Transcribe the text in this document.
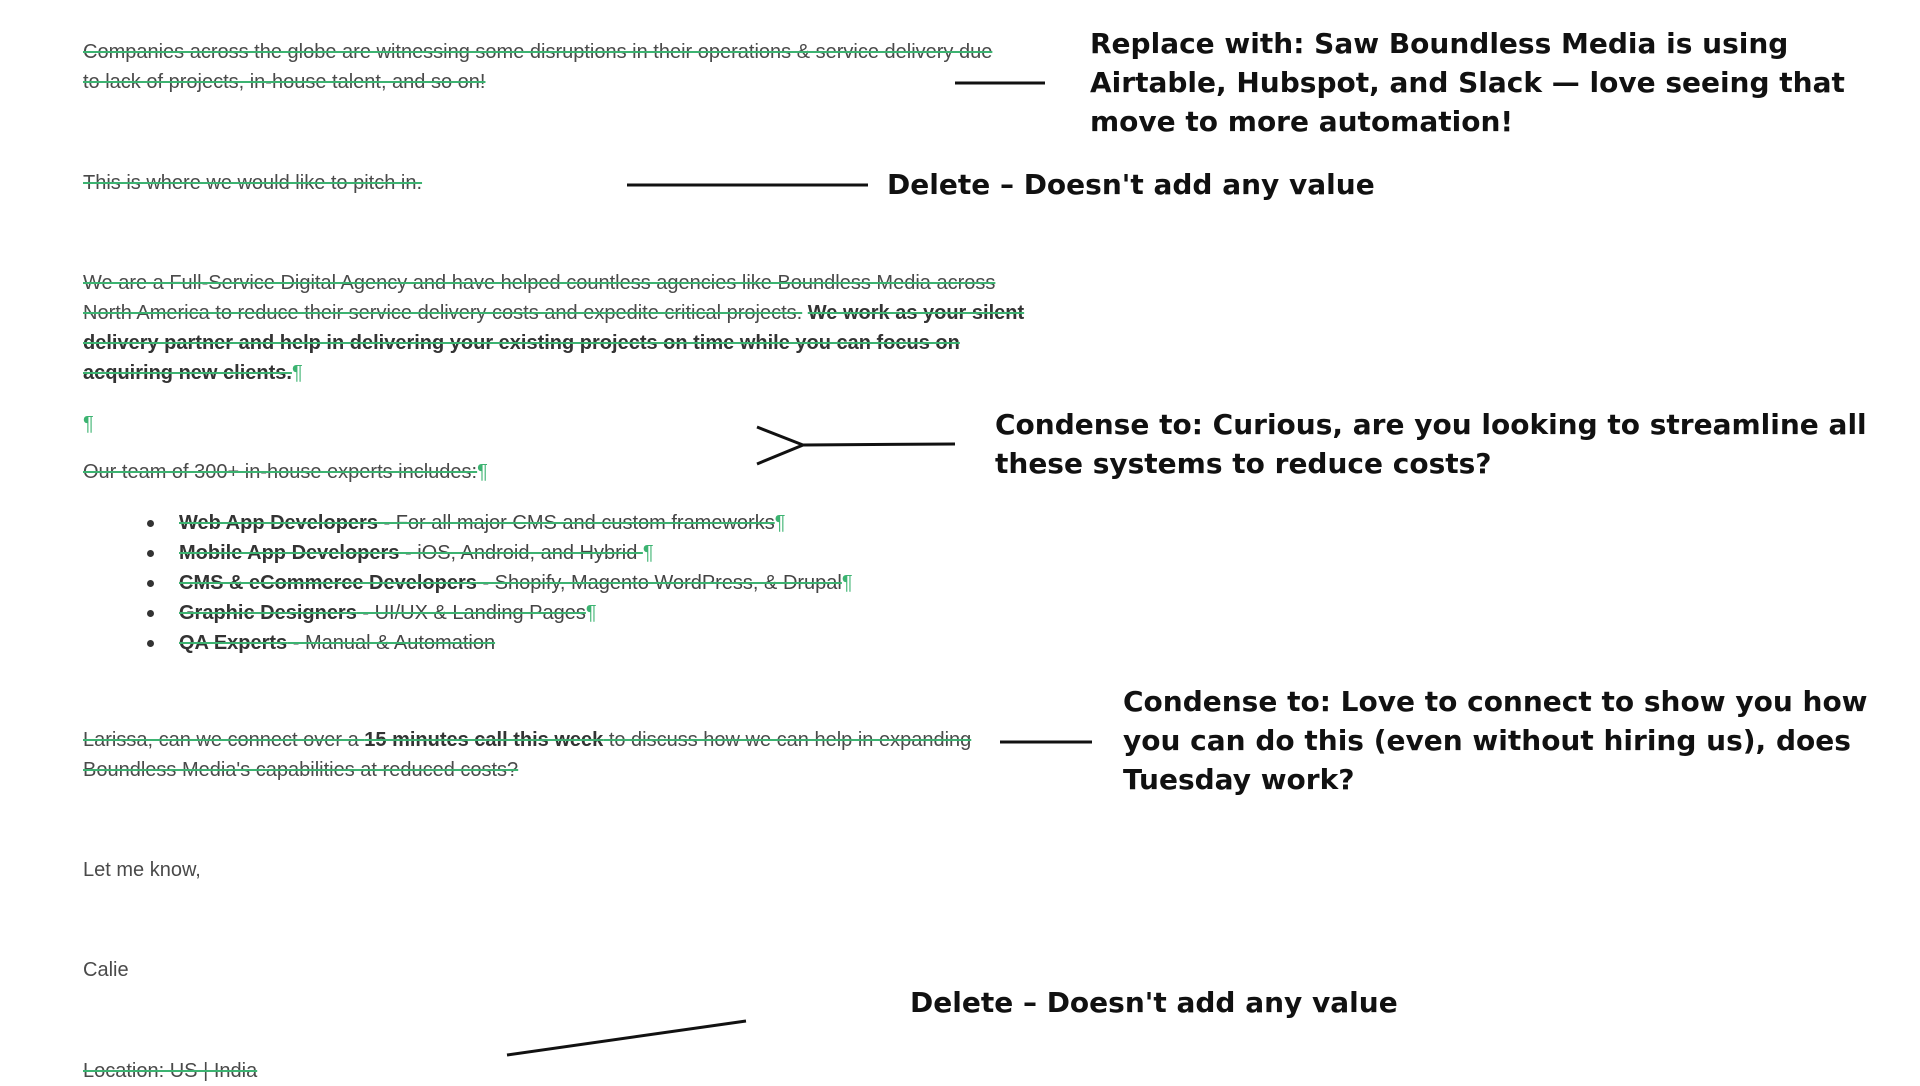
Companies across the globe are witnessing some disruptions in their operations & service delivery due to lack of projects, in-house talent, and so on!
This is where we would like to pitch in.
We are a Full-Service Digital Agency and have helped countless agencies like Boundless Media across North America to reduce their service delivery costs and expedite critical projects. We work as your silent delivery partner and help in delivering your existing projects on time while you can focus on acquiring new clients.¶
¶
Our team of 300+ in-house experts includes:¶
Web App Developers - For all major CMS and custom frameworks¶
Mobile App Developers - iOS, Android, and Hybrid ¶
CMS & eCommerce Developers - Shopify, Magento WordPress, & Drupal¶
Graphic Designers - UI/UX & Landing Pages¶
QA Experts - Manual & Automation
Larissa, can we connect over a 15 minutes call this week to discuss how we can help in expanding Boundless Media's capabilities at reduced costs?
Let me know,
Calie
Location: US | India
Replace with: Saw Boundless Media is using Airtable, Hubspot, and Slack — love seeing that move to more automation!
Delete – Doesn't add any value
Condense to: Curious, are you looking to streamline all these systems to reduce costs?
Condense to: Love to connect to show you how you can do this (even without hiring us), does Tuesday work?
Delete – Doesn't add any value
